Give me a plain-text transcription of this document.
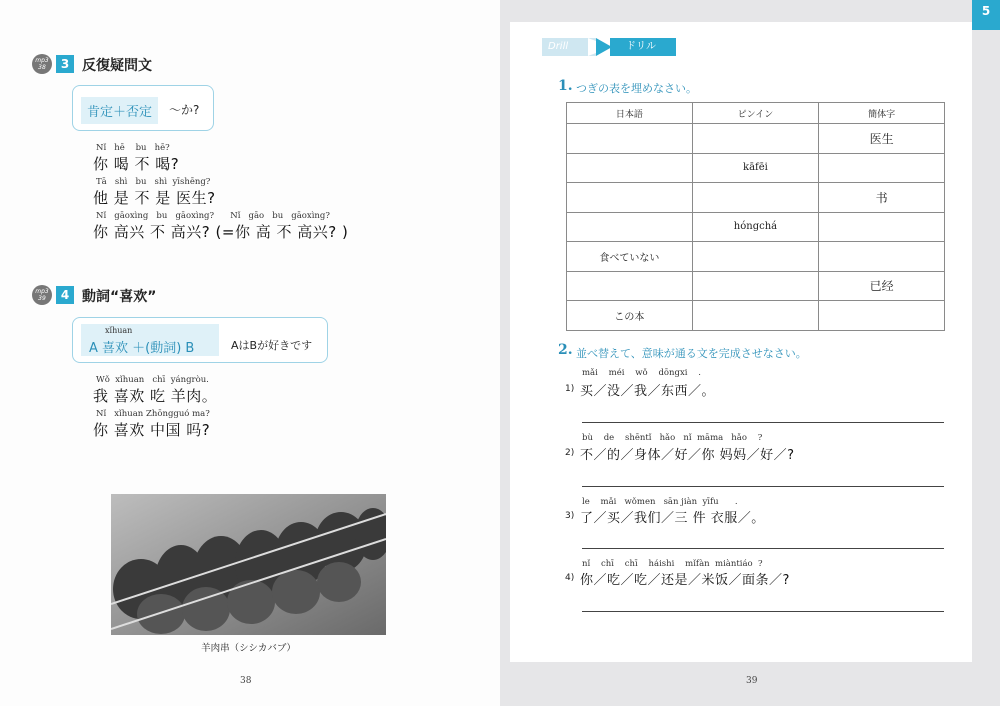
mp3
38	3 反復疑問文
肯定＋否定	～か?
Nǐ   hē    bu   hē?
你 喝 不 喝?
Tā   shì   bu   shì  yīshēng?
他 是 不 是 医生?
Nǐ   gāoxìng   bu   gāoxìng?      Nǐ   gāo   bu   gāoxìng?
你 高兴 不 高兴? (=你 高 不 高兴? )
mp3
39	4 動詞“喜欢”
xǐhuan
A 喜欢 ＋(動詞) B	AはBが好きです
Wǒ  xǐhuan   chī  yángròu.
我 喜欢 吃 羊肉。
Nǐ   xǐhuan Zhōngguó ma?
你 喜欢 中国 吗?
羊肉串（シシカバブ）
38
5
Drill	ドリル
1. つぎの表を埋めなさい。
日本語	ピンイン	簡体字
		医生
	kāfēi	
		书
	hóngchá	
食べていない		
		已经
この本		
2. 並べ替えて、意味が通る文を完成させなさい。
mǎi    méi    wǒ    dōngxi    .
1) 买／没／我／东西／。
bù    de    shēntǐ   hǎo   nǐ  māma   hǎo    ?
2) 不／的／身体／好／你 妈妈／好／?
le    mǎi   wǒmen   sān jiàn  yīfu      .
3) 了／买／我们／三 件 衣服／。
nǐ    chī    chī    háishi    mǐfàn  miàntiáo  ?
4) 你／吃／吃／还是／米饭／面条／?
39
